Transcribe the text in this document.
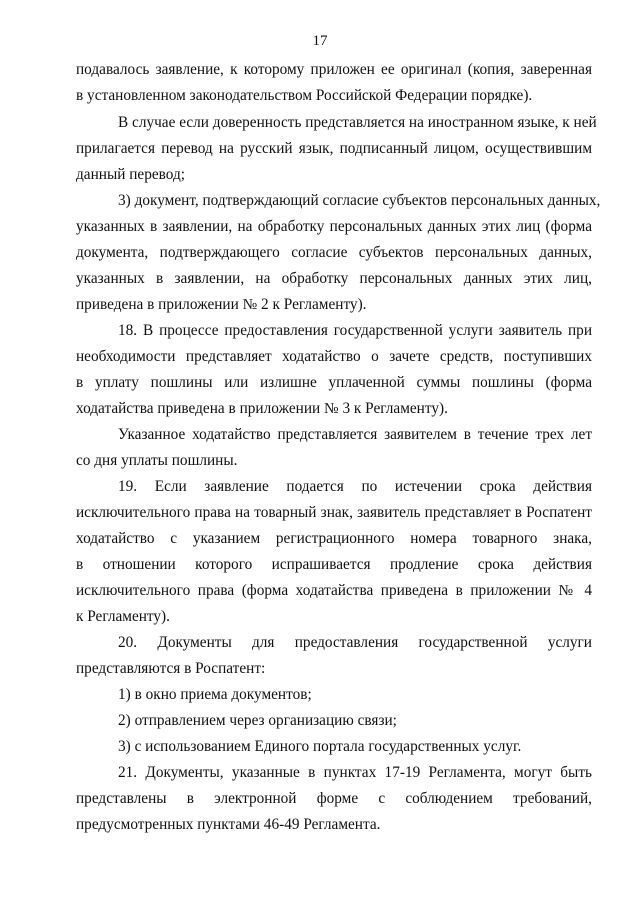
17
подавалось заявление, к которому приложен ее оригинал (копия, заверенная
в установленном законодательством Российской Федерации порядке).
В случае если доверенность представляется на иностранном языке, к ней
прилагается перевод на русский язык, подписанный лицом, осуществившим
данный перевод;
3) документ, подтверждающий согласие субъектов персональных данных,
указанных в заявлении, на обработку персональных данных этих лиц (форма
документа, подтверждающего согласие субъектов персональных данных,
указанных в заявлении, на обработку персональных данных этих лиц,
приведена в приложении № 2 к Регламенту).
18. В процессе предоставления государственной услуги заявитель при
необходимости представляет ходатайство о зачете средств, поступивших
в уплату пошлины или излишне уплаченной суммы пошлины (форма
ходатайства приведена в приложении № 3 к Регламенту).
Указанное ходатайство представляется заявителем в течение трех лет
со дня уплаты пошлины.
19. Если заявление подается по истечении срока действия
исключительного права на товарный знак, заявитель представляет в Роспатент
ходатайство с указанием регистрационного номера товарного знака,
в отношении которого испрашивается продление срока действия
исключительного права (форма ходатайства приведена в приложении № 4
к Регламенту).
20. Документы для предоставления государственной услуги
представляются в Роспатент:
1) в окно приема документов;
2) отправлением через организацию связи;
3) с использованием Единого портала государственных услуг.
21. Документы, указанные в пунктах 17-19 Регламента, могут быть
представлены в электронной форме с соблюдением требований,
предусмотренных пунктами 46-49 Регламента.
